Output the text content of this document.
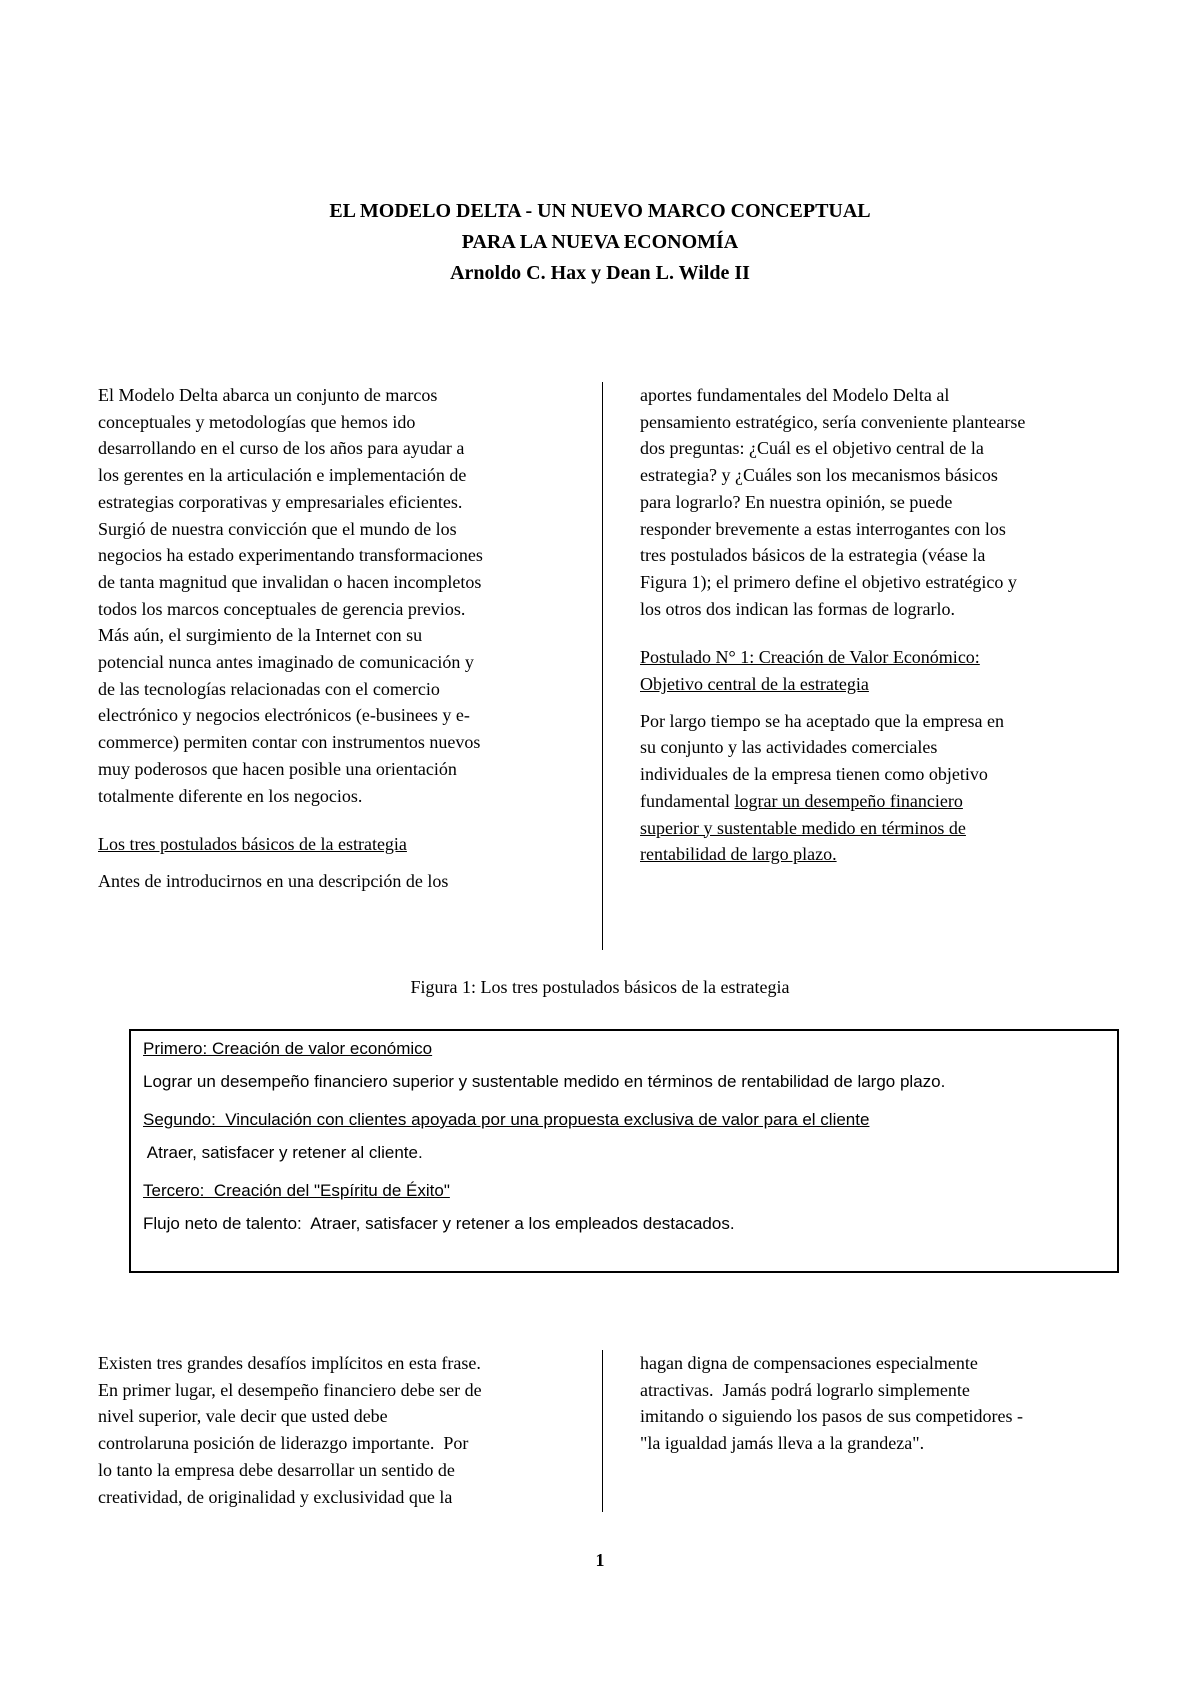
EL MODELO DELTA - UN NUEVO MARCO CONCEPTUAL
PARA LA NUEVA ECONOMÍA
Arnoldo C. Hax y Dean L. Wilde II

El Modelo Delta abarca un conjunto de marcos

conceptuales y metodologías que hemos ido

desarrollando en el curso de los años para ayudar a

los gerentes en la articulación e implementación de

estrategias corporativas y empresariales eficientes.

Surgió de nuestra convicción que el mundo de los

negocios ha estado experimentando transformaciones

de tanta magnitud que invalidan o hacen incompletos

todos los marcos conceptuales de gerencia previos.

Más aún, el surgimiento de la Internet con su

potencial nunca antes imaginado de comunicación y

de las tecnologías relacionadas con el comercio

electrónico y negocios electrónicos (e-businees y e-

commerce) permiten contar con instrumentos nuevos

muy poderosos que hacen posible una orientación

totalmente diferente en los negocios.

Los tres postulados básicos de la estrategia

Antes de introducirnos en una descripción de los

aportes fundamentales del Modelo Delta al

pensamiento estratégico, sería conveniente plantearse

dos preguntas: ¿Cuál es el objetivo central de la

estrategia? y ¿Cuáles son los mecanismos básicos

para lograrlo? En nuestra opinión, se puede

responder brevemente a estas interrogantes con los

tres postulados básicos de la estrategia (véase la

Figura 1); el primero define el objetivo estratégico y

los otros dos indican las formas de lograrlo.

Postulado N° 1: Creación de Valor Económico:

Objetivo central de la estrategia

Por largo tiempo se ha aceptado que la empresa en

su conjunto y las actividades comerciales

individuales de la empresa tienen como objetivo

fundamental lograr un desempeño financiero

superior y sustentable medido en términos de

rentabilidad de largo plazo.

Figura 1: Los tres postulados básicos de la estrategia
Primero: Creación de valor económico
Lograr un desempeño financiero superior y sustentable medido en términos de rentabilidad de largo plazo.
Segundo:  Vinculación con clientes apoyada por una propuesta exclusiva de valor para el cliente
Atraer, satisfacer y retener al cliente.
Tercero:  Creación del "Espíritu de Éxito"
Flujo neto de talento:  Atraer, satisfacer y retener a los empleados destacados.

Existen tres grandes desafíos implícitos en esta frase.

En primer lugar, el desempeño financiero debe ser de

nivel superior, vale decir que usted debe

controlaruna posición de liderazgo importante.  Por

lo tanto la empresa debe desarrollar un sentido de

creatividad, de originalidad y exclusividad que la

hagan digna de compensaciones especialmente

atractivas.  Jamás podrá lograrlo simplemente

imitando o siguiendo los pasos de sus competidores -

"la igualdad jamás lleva a la grandeza".

1
